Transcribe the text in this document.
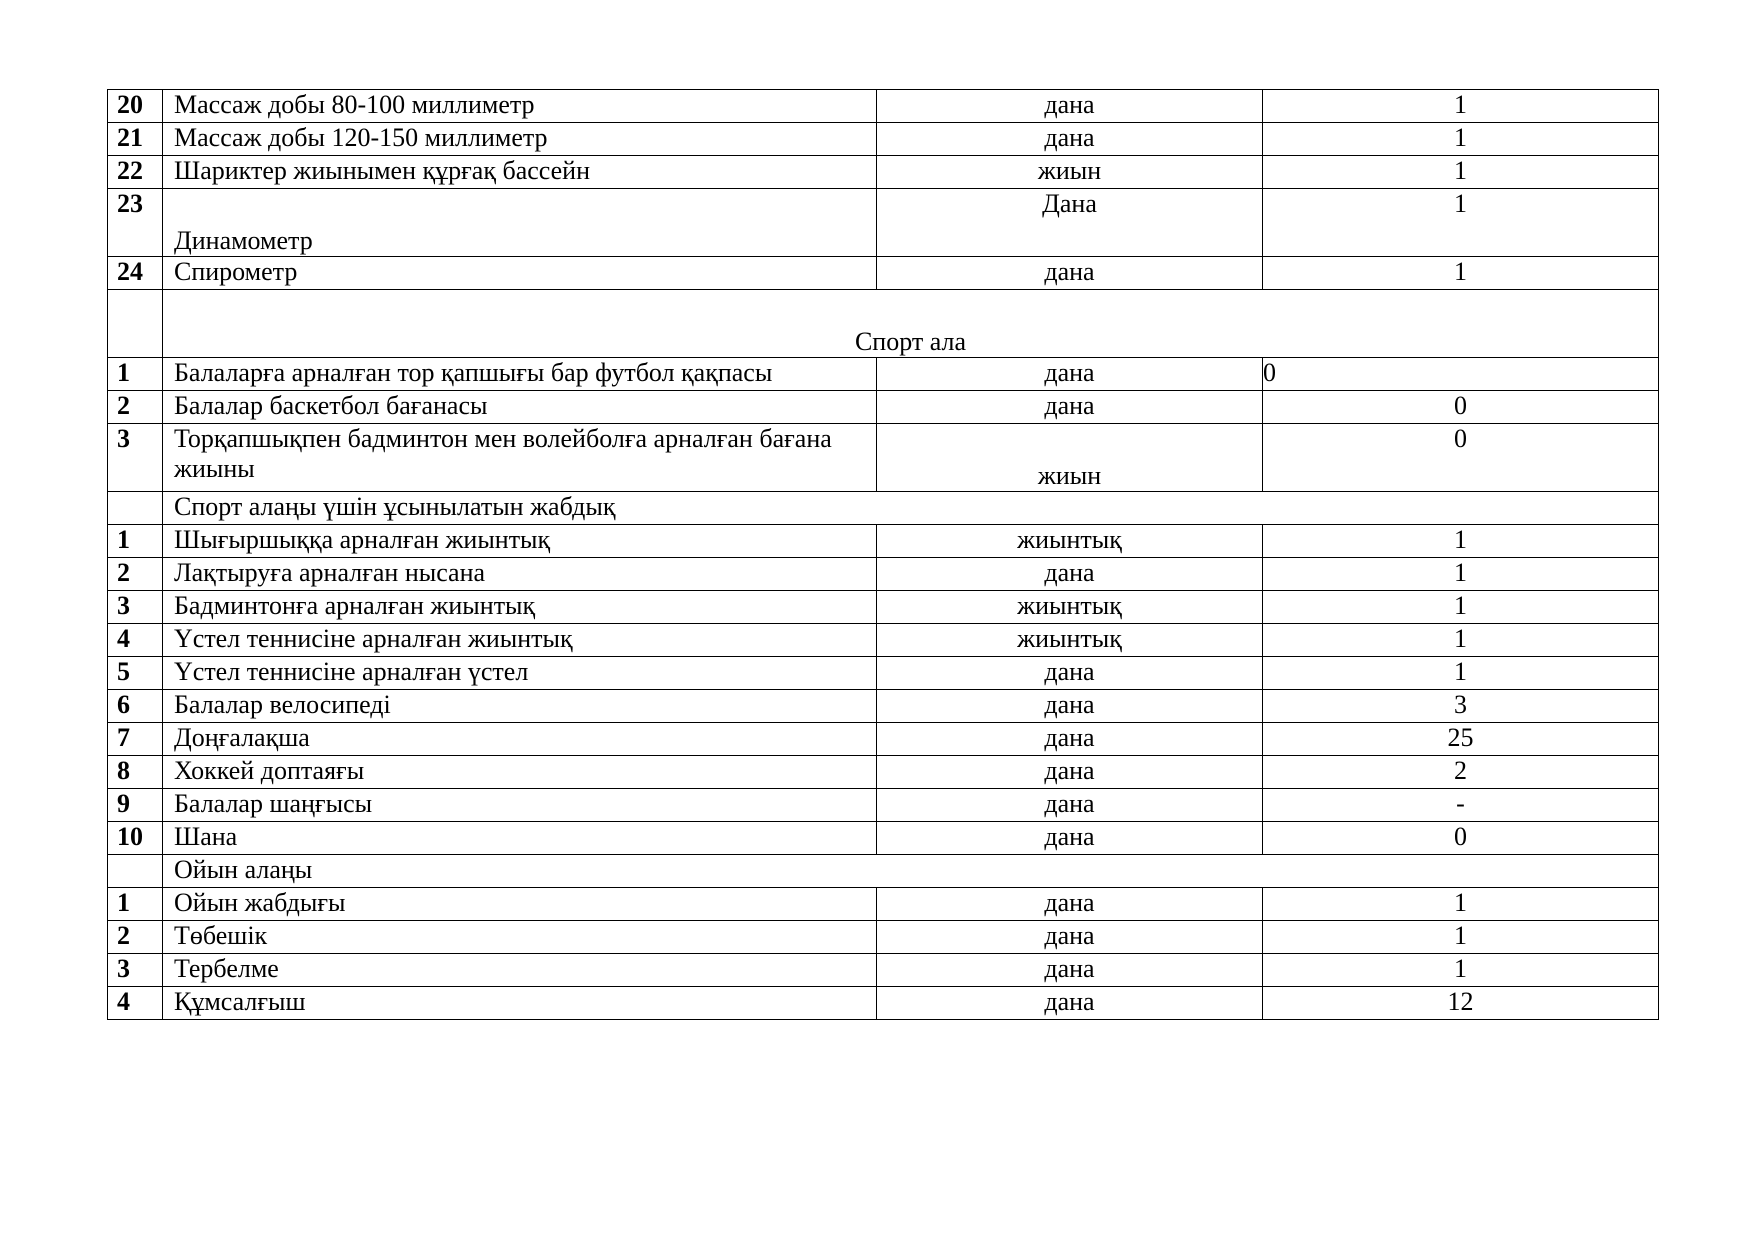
20	Массаж добы 80-100 миллиметр	дана	1
21	Массаж добы 120-150 миллиметр	дана	1
22	Шариктер жиынымен құрғақ бассейн	жиын	1
23	Динамометр	Дана	1
24	Спирометр	дана	1
	Спорт ала		
1	Балаларға арналған тор қапшығы бар футбол қақпасы	дана	0
2	Балалар баскетбол бағанасы	дана	0
3	Торқапшықпен бадминтон мен волейболға арналған бағана жиыны	жиын	0
	Спорт алаңы үшін ұсынылатын жабдық		
1	Шығыршыққа арналған жиынтық	жиынтық	1
2	Лақтыруға арналған нысана	дана	1
3	Бадминтонға арналған жиынтық	жиынтық	1
4	Үстел теннисіне арналған жиынтық	жиынтық	1
5	Үстел теннисіне арналған үстел	дана	1
6	Балалар велосипеді	дана	3
7	Доңғалақша	дана	25
8	Хоккей доптаяғы	дана	2
9	Балалар шаңғысы	дана	-
10	Шана	дана	0
	Ойын алаңы		
1	Ойын жабдығы	дана	1
2	Төбешік	дана	1
3	Тербелме	дана	1
4	Құмсалғыш	дана	12
